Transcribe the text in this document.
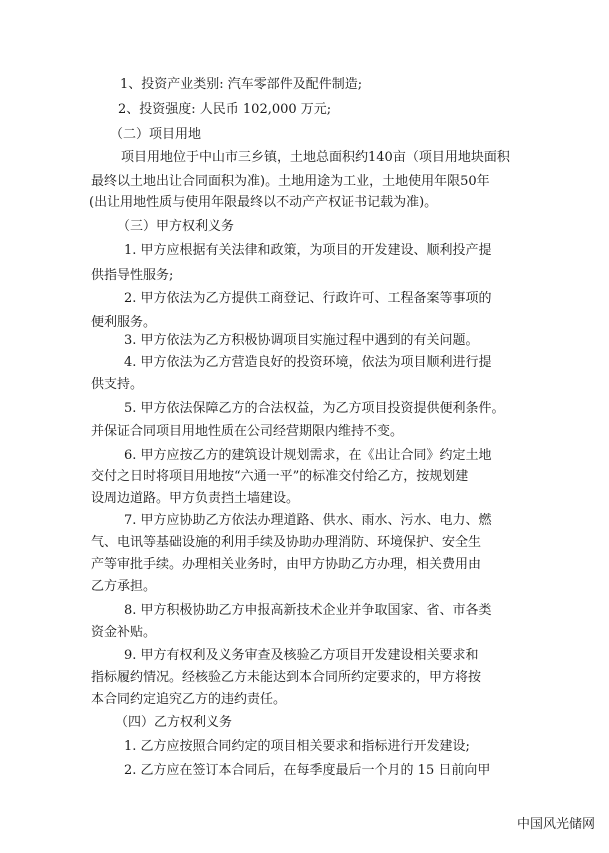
1、投资产业类别: 汽车零部件及配件制造;
2、投资强度: 人民币 102,000 万元;
（二）项目用地
项目用地位于中山市三乡镇，土地总面积约140亩（项目用地块面积
最终以土地出让合同面积为准)。土地用途为工业，土地使用年限50年
(出让用地性质与使用年限最终以不动产产权证书记载为准)。
（三）甲方权利义务
1. 甲方应根据有关法律和政策，为项目的开发建设、顺利投产提
供指导性服务;
2. 甲方依法为乙方提供工商登记、行政许可、工程备案等事项的
便利服务。
3. 甲方依法为乙方积极协调项目实施过程中遇到的有关问题。
4. 甲方依法为乙方营造良好的投资环境，依法为项目顺利进行提
供支持。
5. 甲方依法保障乙方的合法权益，为乙方项目投资提供便利条件。
并保证合同项目用地性质在公司经营期限内维持不变。
6. 甲方应按乙方的建筑设计规划需求，在《出让合同》约定土地
交付之日时将项目用地按“六通一平”的标准交付给乙方，按规划建
设周边道路。甲方负责挡土墙建设。
7. 甲方应协助乙方依法办理道路、供水、雨水、污水、电力、燃
气、电讯等基础设施的利用手续及协助办理消防、环境保护、安全生
产等审批手续。办理相关业务时，由甲方协助乙方办理，相关费用由
乙方承担。
8. 甲方积极协助乙方申报高新技术企业并争取国家、省、市各类
资金补贴。
9. 甲方有权利及义务审查及核验乙方项目开发建设相关要求和
指标履约情况。经核验乙方未能达到本合同所约定要求的，甲方将按
本合同约定追究乙方的违约责任。
（四）乙方权利义务
1. 乙方应按照合同约定的项目相关要求和指标进行开发建设;
2. 乙方应在签订本合同后，在每季度最后一个月的 15 日前向甲
中国风光储网
